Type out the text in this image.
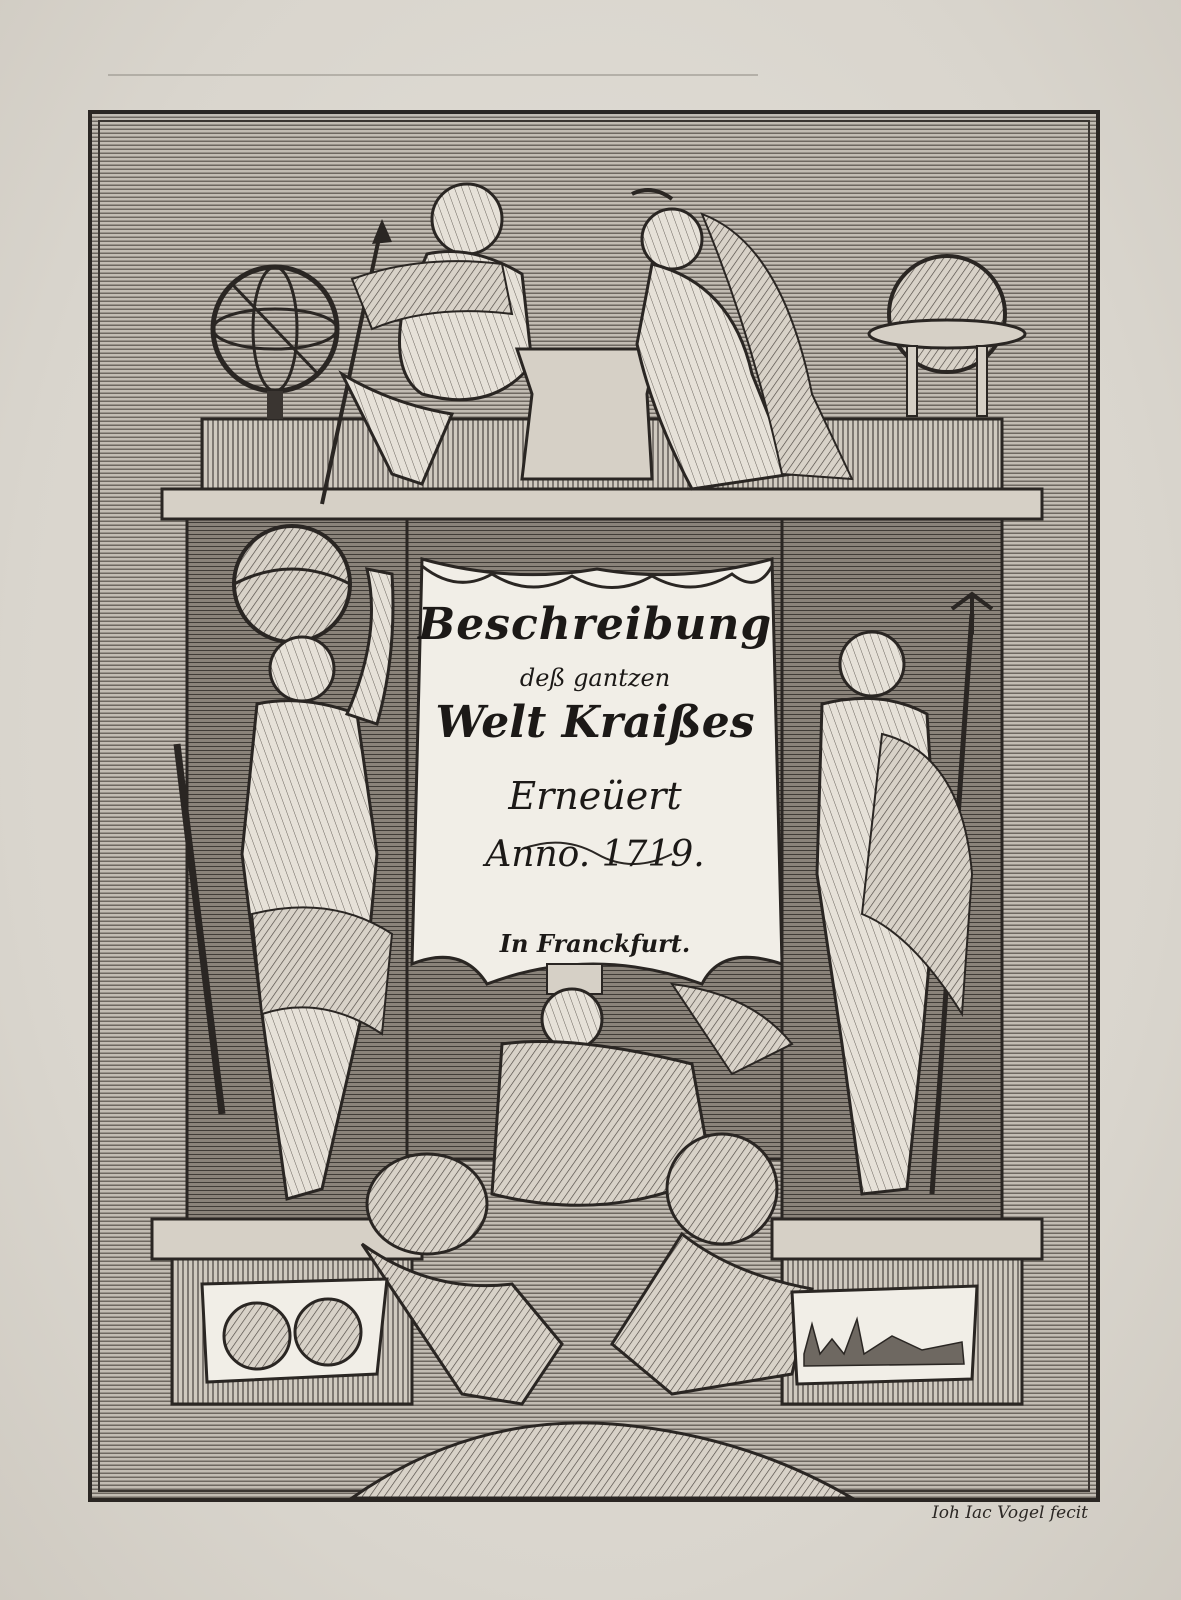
Beschreibung
deß gantzen
Welt Kraißes
Erneüert
Anno. 1719.
In Franckfurt.
Ioh Iac Vogel fecit
